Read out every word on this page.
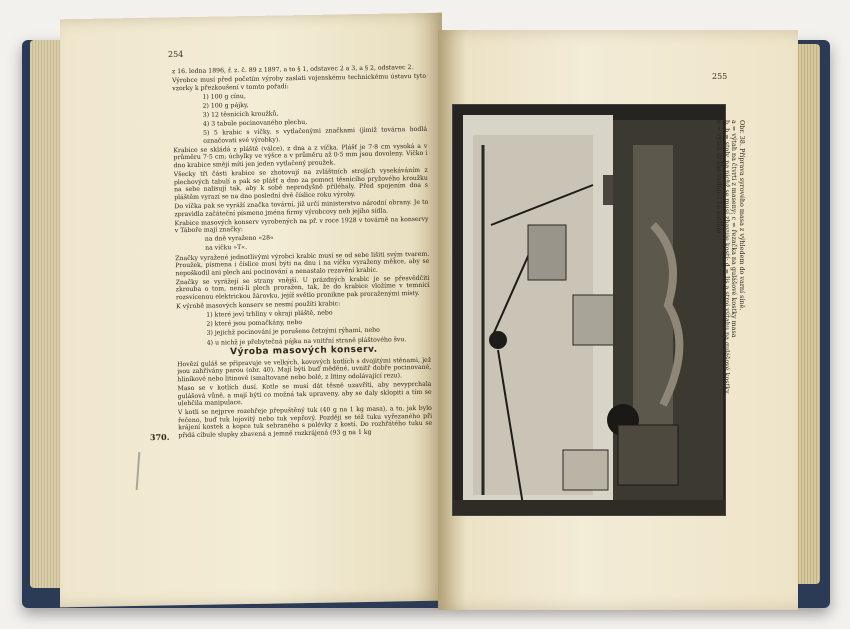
254
255

z 16. ledna 1896, ř. z. č. 89 z 1897, a to § 1, odstavec 2 a 3, a § 2, odstavec 2.

Výrobce musí před početím výroby zaslati vojenskému technickému ústavu tyto vzorky k přezkoušení v tomto pořadí:

1) 100 g cínu,

2) 100 g pájky,

3) 12 těsnicích kroužků,

4) 3 tabule pocinovaného plechu,

5) 5 krabic s víčky, s vytlačenými značkami (jimiž továrna hodlá označovati své výrobky).

Krabice se skládá z pláště (válce), z dna a z víčka. Plášť je 7·8 cm vysoká a v průměru 7·5 cm; úchylky ve výšce a v průměru až 0·5 mm jsou dovoleny. Víčko i dno krabice smějí míti jen jeden vytlačený proužek.

Všecky tři části krabice se zhotovují na zvláštních strojích vysekáváním z plechových tabulí a pak se plášť a dno za pomoci těsnicího pryžového kroužku na sebe nalisují tak, aby k sobě neprodyšně přiléhaly. Před spojením dna s pláštěm vyrazí se na dno poslední dvě číslice roku výroby.

Do víčka pak se vyráží značka tovární, již určí ministerstvo národní obrany. Je to zpravidla začáteční písmeno jména firmy výrobcovy neb jejího sídla.

Krabice masových konserv vyrobených na př. v roce 1928 v továrně na konservy v Táboře mají značky:

na dně vyraženo »28«

na víčku »T«.

Značky vyražené jednotlivými výrobci krabic musí se od sebe lišiti svým tvarem. Proužek, písmena i číslice musí býti na dnu i na víčku vyraženy měkce, aby se nepoškodil ani plech ani pocinování a nenastalo rezavění krabic.

Značky se vyrážejí se strany vnější. U prázdných krabic je se přesvědčiti zkrouba o tom, není-li plech proražen, tak, že do krabice vložíme v temnici rozsvícenou elektrickou žárovku, jejíž světlo pronikne pak proraženými místy.

K výrobě masových konserv se nesmí použíti krabic:

1) které jeví trhliny v okraji pláště, nebo

2) které jsou pomačkány, nebo

3) jejichž pocinování je porušeno četnými rýhami, nebo

4) u nichž je přebytečná pájka na vnitřní straně pláštového švu.

Výroba masových konserv.

Hovězí guláš se připravuje ve velkých, kovových kotlích s dvojitými stěnami, jež jsou zahřívány parou (obr. 40). Mají býti buď měděné, uvnitř dobře pocinované, hliníkové nebo litinové (smaltované nebo bolé, z litiny odolávající rezu).

Maso se v kotlích dusí. Kotle se musí dát těsně uzavříti, aby nevyprchala gulášová vůně, a mají býti co možná tak upraveny, aby se daly sklopiti a tím se ulehčila manipulace.

V kotli se nejprve rozehřeje přepuštěný tuk (40 g na 1 kg masa), a to, jak bylo řečeno, buď tuk lojovitý nebo tuk vepřový. Později se též tuku vyřezaného při krájení kostek a kopce tuk sebraného s polévky z kostí. Do rozhřátého tuku se přidá cibule slupky zbavená a jemně rozkrájená (93 g na 1 kg

370.
Obr. 38. Příprava syrového masa z výhledem do varní síně.
a = výtah na čtvrti z maseny; c = řezačka na gulášové kostky masa
b, b = stoly, na nichž se musí zbavuje kostí; d = lis a stroj výtahu na gulášové kostky
e = výtah drůbe vedoucí ke kotlům
